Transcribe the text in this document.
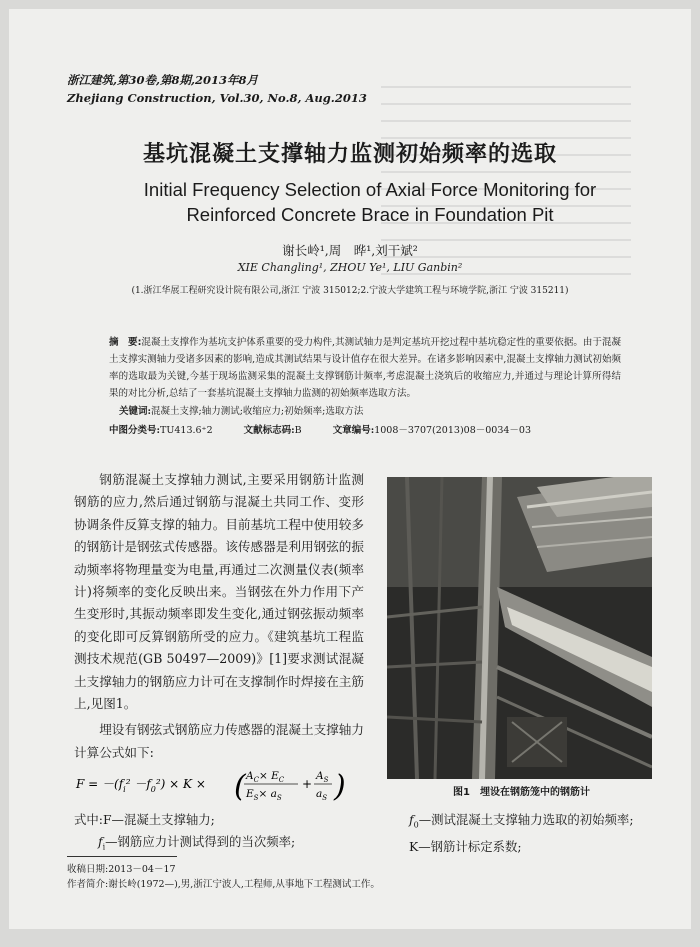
浙江建筑,第30卷,第8期,2013年8月
Zhejiang Construction, Vol.30, No.8, Aug.2013
基坑混凝土支撑轴力监测初始频率的选取
Initial Frequency Selection of Axial Force Monitoring for
Reinforced Concrete Brace in Foundation Pit
谢长岭¹,周　晔¹,刘干斌²
XIE Changling¹, ZHOU Ye¹, LIU Ganbin²
(1.浙江华展工程研究设计院有限公司,浙江 宁波 315012;2.宁波大学建筑工程与环境学院,浙江 宁波 315211)
摘　要:混凝土支撑作为基坑支护体系重要的受力构件,其测试轴力是判定基坑开挖过程中基坑稳定性的重要依据。由于混凝土支撑实测轴力受诸多因素的影响,造成其测试结果与设计值存在很大差异。在诸多影响因素中,混凝土支撑轴力测试初始频率的选取最为关键,今基于现场监测采集的混凝土支撑钢筋计频率,考虑混凝土浇筑后的收缩应力,并通过与理论计算所得结果的对比分析,总结了一套基坑混凝土支撑轴力监测的初始频率选取方法。
关键词:混凝土支撑;轴力测试;收缩应力;初始频率;选取方法
中图分类号:TU413.6⁺2	文献标志码:B	文章编号:1008－3707(2013)08－0034－03

钢筋混凝土支撑轴力测试,主要采用钢筋计监测钢筋的应力,然后通过钢筋与混凝土共同工作、变形协调条件反算支撑的轴力。目前基坑工程中使用较多的钢筋计是钢弦式传感器。该传感器是利用钢弦的振动频率将物理量变为电量,再通过二次测量仪表(频率计)将频率的变化反映出来。当钢弦在外力作用下产生变形时,其振动频率即发生变化,通过钢弦振动频率的变化即可反算钢筋所受的应力。《建筑基坑工程监测技术规范(GB 50497—2009)》[1]要求测试混凝土支撑轴力的钢筋应力计可在支撑制作时焊接在主筋上,见图1。

埋设有钢弦式钢筋应力传感器的混凝土支撑轴力计算公式如下:

$F = -(f_i^2 -f_0^2) \times K$ × ( $A_C\times E_C$
$E_S\times a_S$
+
$A_S$
$a_S$ )
式中:F—混凝土支撑轴力;
$f_i—$钢筋应力计测试得到的当次频率;
$f_0—$测试混凝土支撑轴力选取的初始频率;
K—钢筋计标定系数;
收稿日期:2013－04－17
作者简介:谢长岭(1972—),男,浙江宁波人,工程师,从事地下工程测试工作。
图1　埋设在钢筋笼中的钢筋计
